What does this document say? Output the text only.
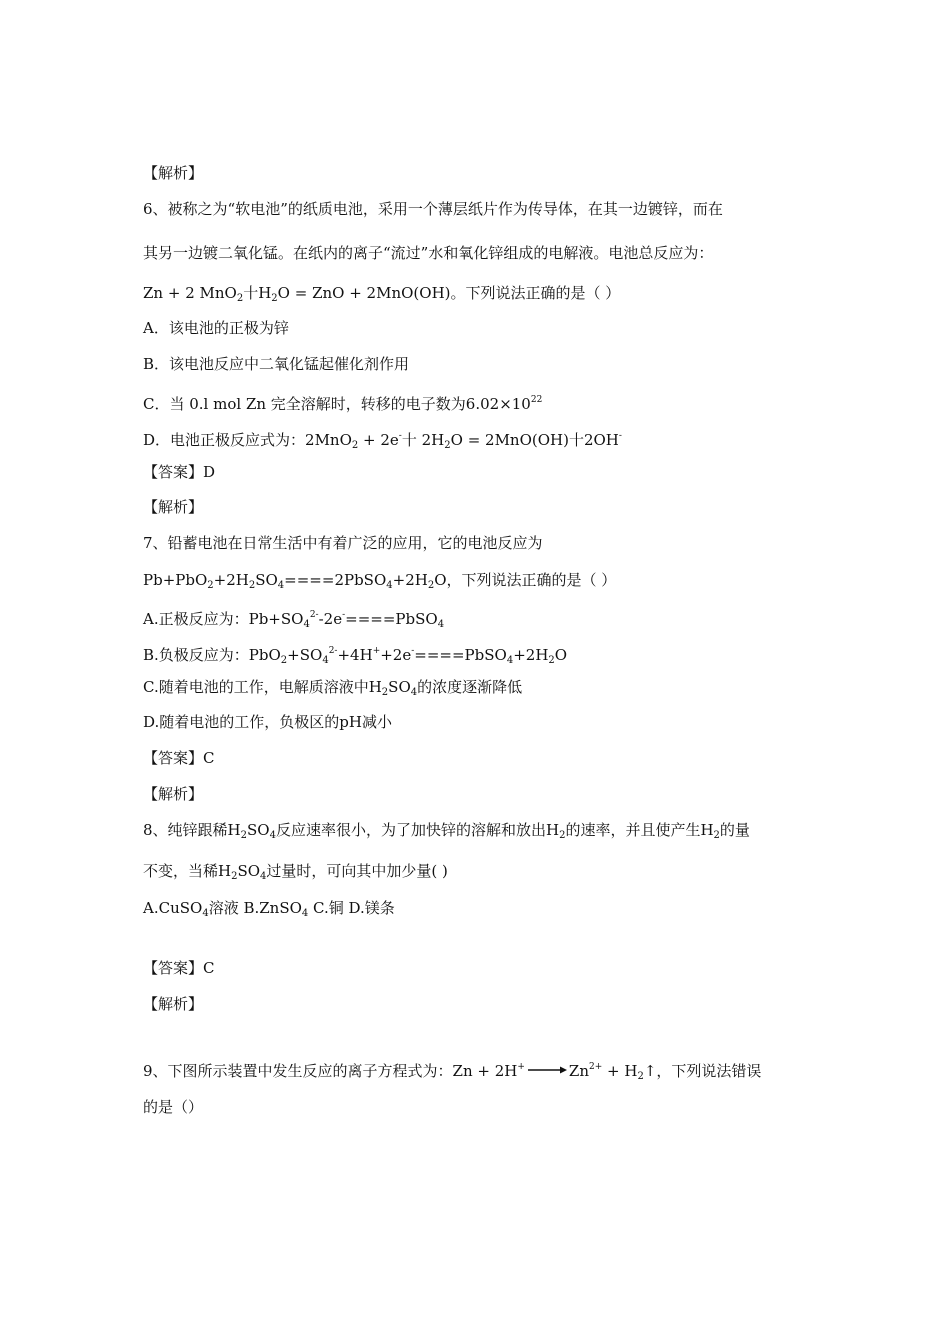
【解析】
6、被称之为“软电池”的纸质电池，采用一个薄层纸片作为传导体，在其一边镀锌，而在
其另一边镀二氧化锰。在纸内的离子“流过”水和氧化锌组成的电解液。电池总反应为：
Zn + 2 MnO$_2$十$H_2O$ = ZnO + 2MnO(OH)。下列说法正确的是（ ）
A．该电池的正极为锌
B．该电池反应中二氧化锰起催化剂作用
C．当 0.l mol Zn 完全溶解时，转移的电子数为$6.02\times 10^{22}$
D．电池正极反应式为：2MnO$_2$ + 2e-十 $2H_2O = 2MnO(OH)$十2OH-
【答案】D
【解析】
7、铅蓄电池在日常生活中有着广泛的应用，它的电池反应为
$Pb+PbO_2+2H_2SO_4====2PbSO_4+2H_2O$，下列说法正确的是（ ）
A.正极反应为：$Pb+SO_4^{2-}-2e^-====PbSO_4$
B.负极反应为：$PbO_2+SO_4^{2-}+4H^++2e^-====PbSO_4+2H_2O$
C.随着电池的工作，电解质溶液中$H_2SO_4$的浓度逐渐降低
D.随着电池的工作，负极区的pH减小
【答案】C
【解析】
8、纯锌跟稀$H_2SO_4$反应速率很小，为了加快锌的溶解和放出$H_2$的速率，并且使产生$H_2$的量
不变，当稀$H_2SO_4$过量时，可向其中加少量( )
A.CuSO$_4$溶液 B.ZnSO$_4$ C.铜 D.镁条
【答案】C
【解析】
9、下图所示装置中发生反应的离子方程式为：$Zn + 2H^+ \to Zn^{2+}$ + $H_2↑$，下列说法错误
的是（）
